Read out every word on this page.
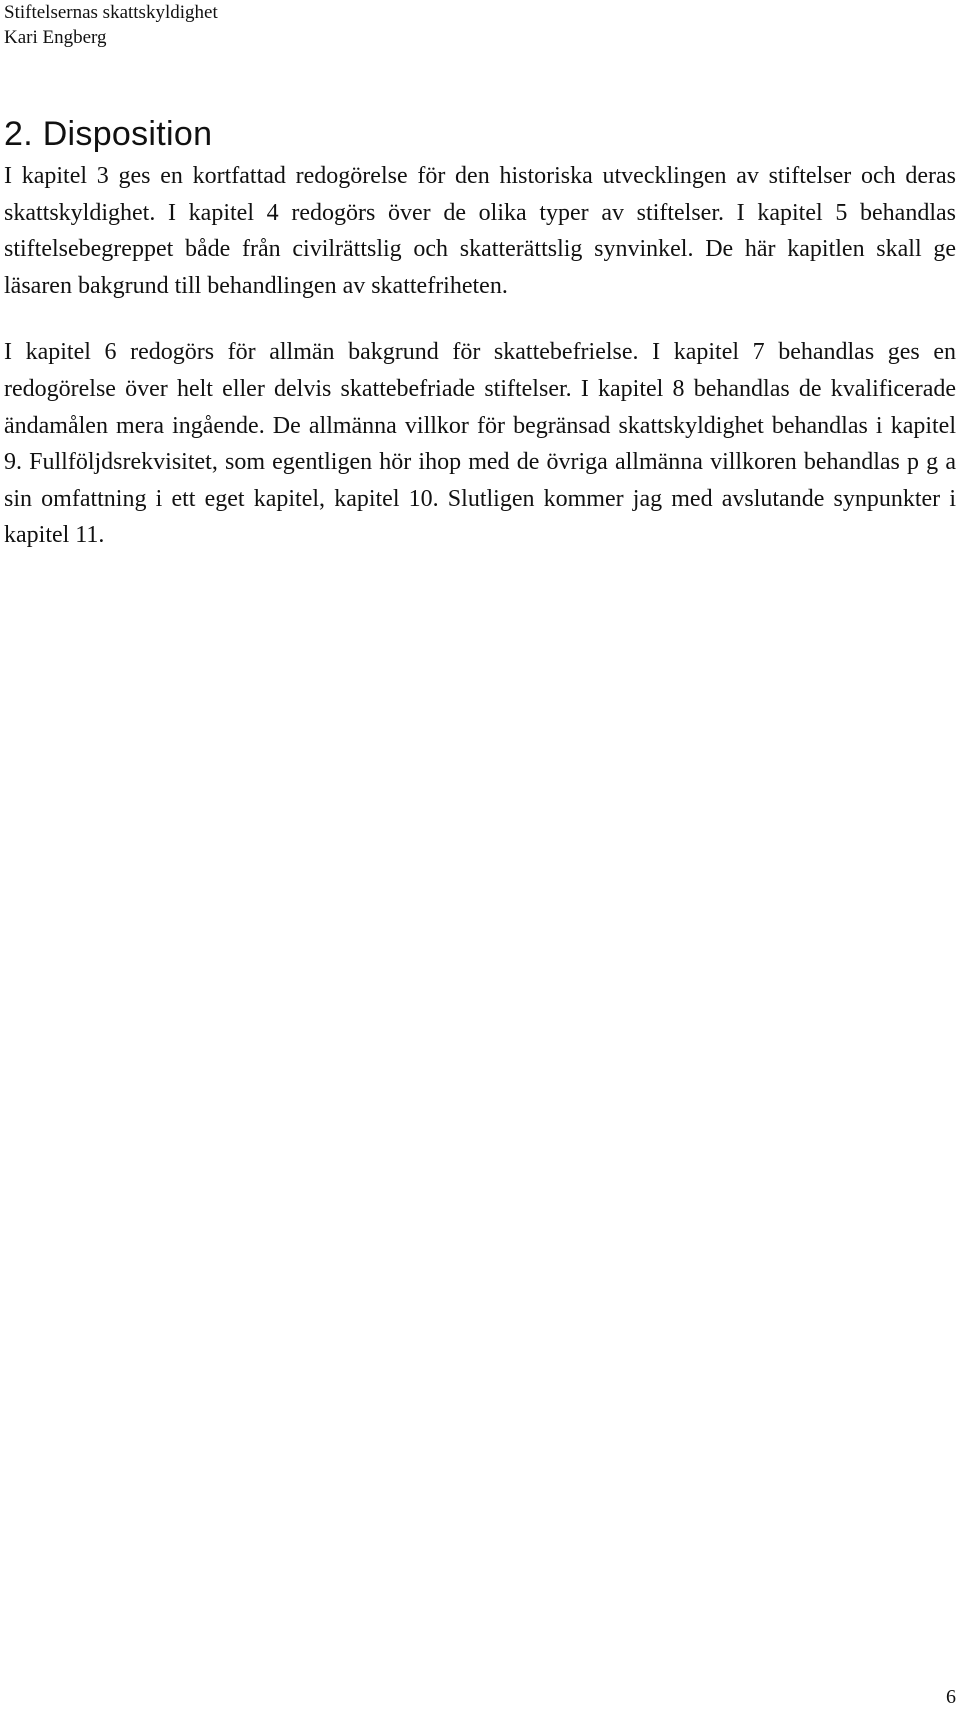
Stiftelsernas skattskyldighet
Kari Engberg
2. Disposition

I kapitel 3 ges en kortfattad redogörelse för den historiska utvecklingen av stiftelser och deras skattskyldighet. I kapitel 4 redogörs över de olika typer av stiftelser. I kapitel 5 behandlas stiftelsebegreppet både från civilrättslig och skatterättslig synvinkel. De här kapitlen skall ge läsaren bakgrund till behandlingen av skattefriheten.

I kapitel 6 redogörs för allmän bakgrund för skattebefrielse. I kapitel 7 behandlas ges en redogörelse över helt eller delvis skattebefriade stiftelser. I kapitel 8 behandlas de kvalificerade ändamålen mera ingående. De allmänna villkor för begränsad skattskyldighet behandlas i kapitel 9. Fullföljdsrekvisitet, som egentligen hör ihop med de övriga allmänna villkoren behandlas p g a sin omfattning i ett eget kapitel, kapitel 10. Slutligen kommer jag med avslutande synpunkter i kapitel 11.

6
